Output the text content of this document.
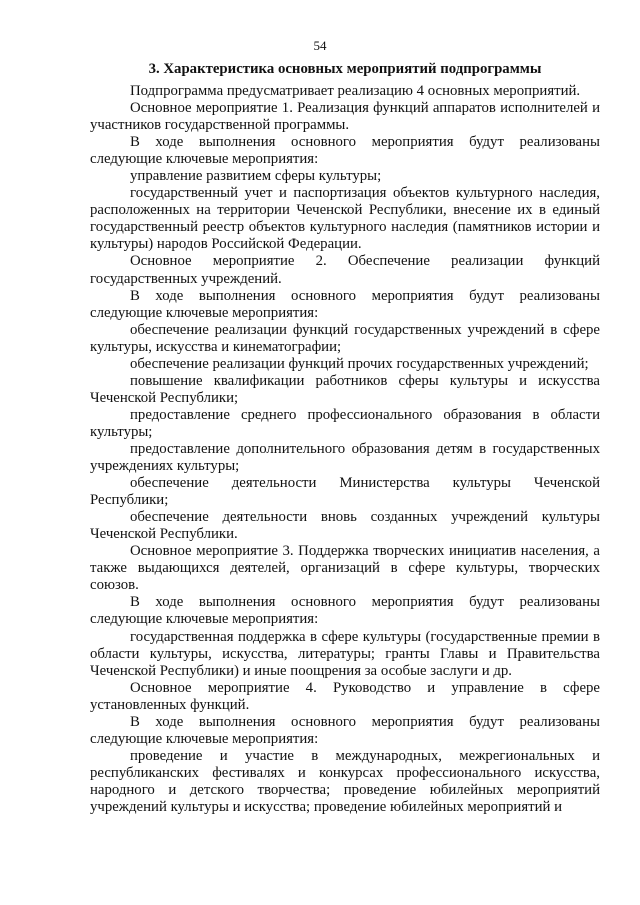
54
3. Характеристика основных мероприятий подпрограммы

Подпрограмма предусматривает реализацию 4 основных мероприятий.

Основное мероприятие 1. Реализация функций аппаратов исполнителей и участников государственной программы.

В ходе выполнения основного мероприятия будут реализованы следующие ключевые мероприятия:

управление развитием сферы культуры;

государственный учет и паспортизация объектов культурного наследия, расположенных на территории Чеченской Республики, внесение их в единый государственный реестр объектов культурного наследия (памятников истории и культуры) народов Российской Федерации.

Основное мероприятие 2. Обеспечение реализации функций государственных учреждений.

В ходе выполнения основного мероприятия будут реализованы следующие ключевые мероприятия:

обеспечение реализации функций государственных учреждений в сфере культуры, искусства и кинематографии;

обеспечение реализации функций прочих государственных учреждений;

повышение квалификации работников сферы культуры и искусства Чеченской Республики;

предоставление среднего профессионального образования в области культуры;

предоставление дополнительного образования детям в государственных учреждениях культуры;

обеспечение деятельности Министерства культуры Чеченской Республики;

обеспечение деятельности вновь созданных учреждений культуры Чеченской Республики.

Основное мероприятие 3. Поддержка творческих инициатив населения, а также выдающихся деятелей, организаций в сфере культуры, творческих союзов.

В ходе выполнения основного мероприятия будут реализованы следующие ключевые мероприятия:

государственная поддержка в сфере культуры (государственные премии в области культуры, искусства, литературы; гранты Главы и Правительства Чеченской Республики) и иные поощрения за особые заслуги и др.

Основное мероприятие 4. Руководство и управление в сфере установленных функций.

В ходе выполнения основного мероприятия будут реализованы следующие ключевые мероприятия:

проведение и участие в международных, межрегиональных и республиканских фестивалях и конкурсах профессионального искусства, народного и детского творчества; проведение юбилейных мероприятий учреждений культуры и искусства; проведение юбилейных мероприятий и
